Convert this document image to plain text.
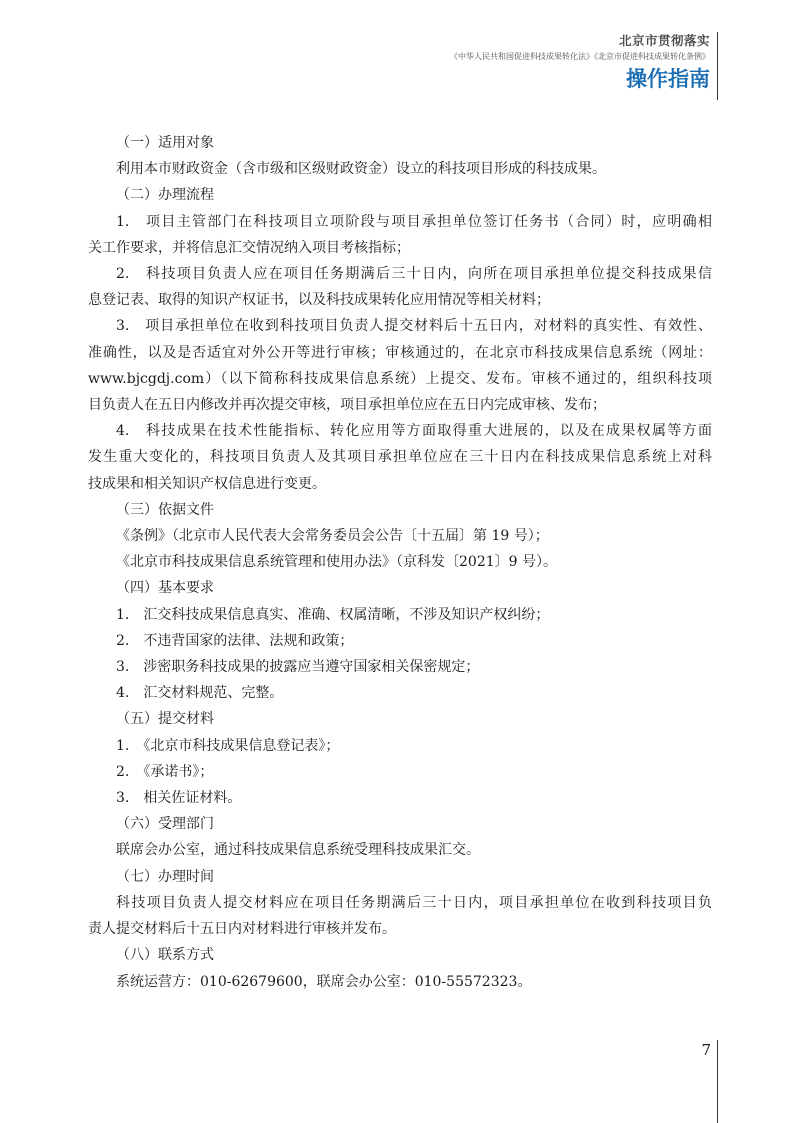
北京市贯彻落实
《中华人民共和国促进科技成果转化法》《北京市促进科技成果转化条例》
操作指南

（一）适用对象

利用本市财政资金（含市级和区级财政资金）设立的科技项目形成的科技成果。

（二）办理流程

1.　项目主管部门在科技项目立项阶段与项目承担单位签订任务书（合同）时，应明确相
关工作要求，并将信息汇交情况纳入项目考核指标；

2.　科技项目负责人应在项目任务期满后三十日内，向所在项目承担单位提交科技成果信
息登记表、取得的知识产权证书，以及科技成果转化应用情况等相关材料；

3.　项目承担单位在收到科技项目负责人提交材料后十五日内，对材料的真实性、有效性、
准确性，以及是否适宜对外公开等进行审核；审核通过的，在北京市科技成果信息系统（网址：
www.bjcgdj.com）（以下简称科技成果信息系统）上提交、发布。审核不通过的，组织科技项
目负责人在五日内修改并再次提交审核，项目承担单位应在五日内完成审核、发布；

4.　科技成果在技术性能指标、转化应用等方面取得重大进展的，以及在成果权属等方面
发生重大变化的，科技项目负责人及其项目承担单位应在三十日内在科技成果信息系统上对科
技成果和相关知识产权信息进行变更。

（三）依据文件

《条例》（北京市人民代表大会常务委员会公告〔十五届〕第 19 号）；

《北京市科技成果信息系统管理和使用办法》（京科发〔2021〕9 号）。

（四）基本要求

1.　汇交科技成果信息真实、准确、权属清晰，不涉及知识产权纠纷；

2.　不违背国家的法律、法规和政策；

3.　涉密职务科技成果的披露应当遵守国家相关保密规定；

4.　汇交材料规范、完整。

（五）提交材料

1.　《北京市科技成果信息登记表》；

2.　《承诺书》；

3.　相关佐证材料。

（六）受理部门

联席会办公室，通过科技成果信息系统受理科技成果汇交。

（七）办理时间

科技项目负责人提交材料应在项目任务期满后三十日内，项目承担单位在收到科技项目负
责人提交材料后十五日内对材料进行审核并发布。

（八）联系方式

系统运营方：010-62679600，联席会办公室：010-55572323。

7
